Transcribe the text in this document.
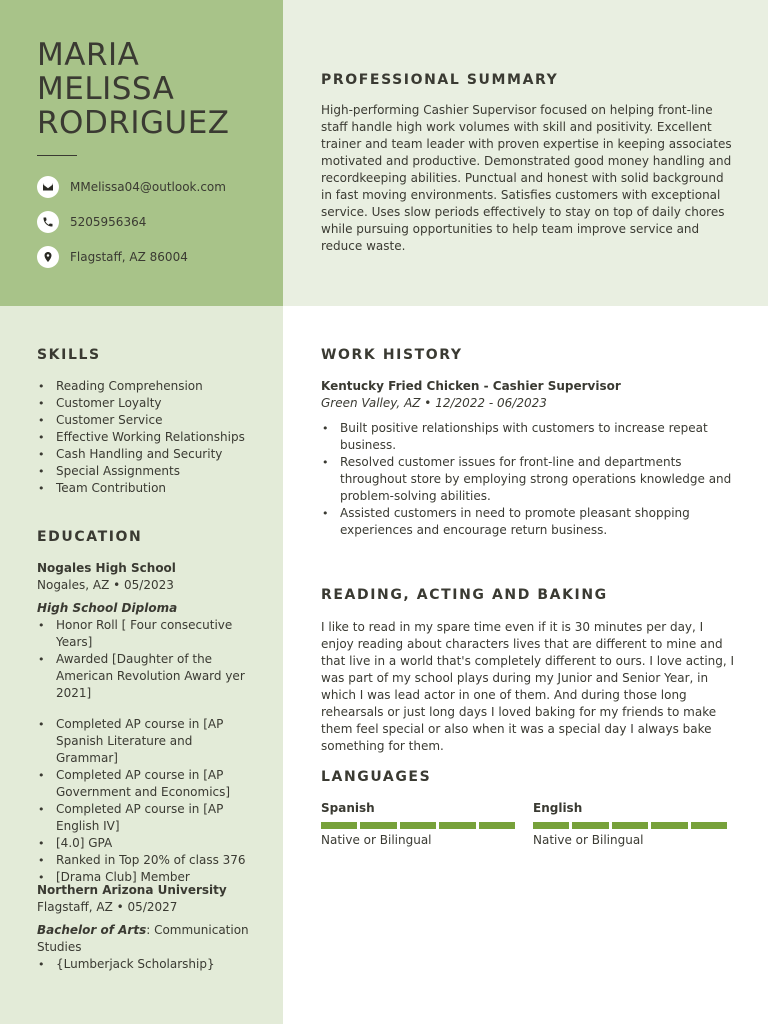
MARIA
MELISSA
RODRIGUEZ
MMelissa04@outlook.com
5205956364
Flagstaff, AZ 86004
PROFESSIONAL SUMMARY

High-performing Cashier Supervisor focused on helping front-line staff handle high work volumes with skill and positivity. Excellent trainer and team leader with proven expertise in keeping associates motivated and productive. Demonstrated good money handling and recordkeeping abilities. Punctual and honest with solid background in fast moving environments. Satisfies customers with exceptional service. Uses slow periods effectively to stay on top of daily chores while pursuing opportunities to help team improve service and reduce waste.

SKILLS
• Reading Comprehension
• Customer Loyalty
• Customer Service
• Effective Working Relationships
• Cash Handling and Security
• Special Assignments
• Team Contribution
EDUCATION
Nogales High School
Nogales, AZ • 05/2023
High School Diploma
• Honor Roll [ Four consecutive Years]
• Awarded [Daughter of the American Revolution Award yer 2021]
• Completed AP course in [AP Spanish Literature and Grammar]
• Completed AP course in [AP Government and Economics]
• Completed AP course in [AP English IV]
• [4.0] GPA
• Ranked in Top 20% of class 376
• [Drama Club] Member
Northern Arizona University
Flagstaff, AZ • 05/2027
Bachelor of Arts: Communication Studies
• {Lumberjack Scholarship}
WORK HISTORY
Kentucky Fried Chicken - Cashier Supervisor
Green Valley, AZ • 12/2022 - 06/2023
• Built positive relationships with customers to increase repeat business.
• Resolved customer issues for front-line and departments throughout store by employing strong operations knowledge and problem-solving abilities.
• Assisted customers in need to promote pleasant shopping experiences and encourage return business.
READING, ACTING AND BAKING

I like to read in my spare time even if it is 30 minutes per day, I enjoy reading about characters lives that are different to mine and that live in a world that's completely different to ours. I love acting, I was part of my school plays during my Junior and Senior Year, in which I was lead actor in one of them. And during those long rehearsals or just long days I loved baking for my friends to make them feel special or also when it was a special day I always bake something for them.

LANGUAGES
Spanish
Native or Bilingual
English
Native or Bilingual
